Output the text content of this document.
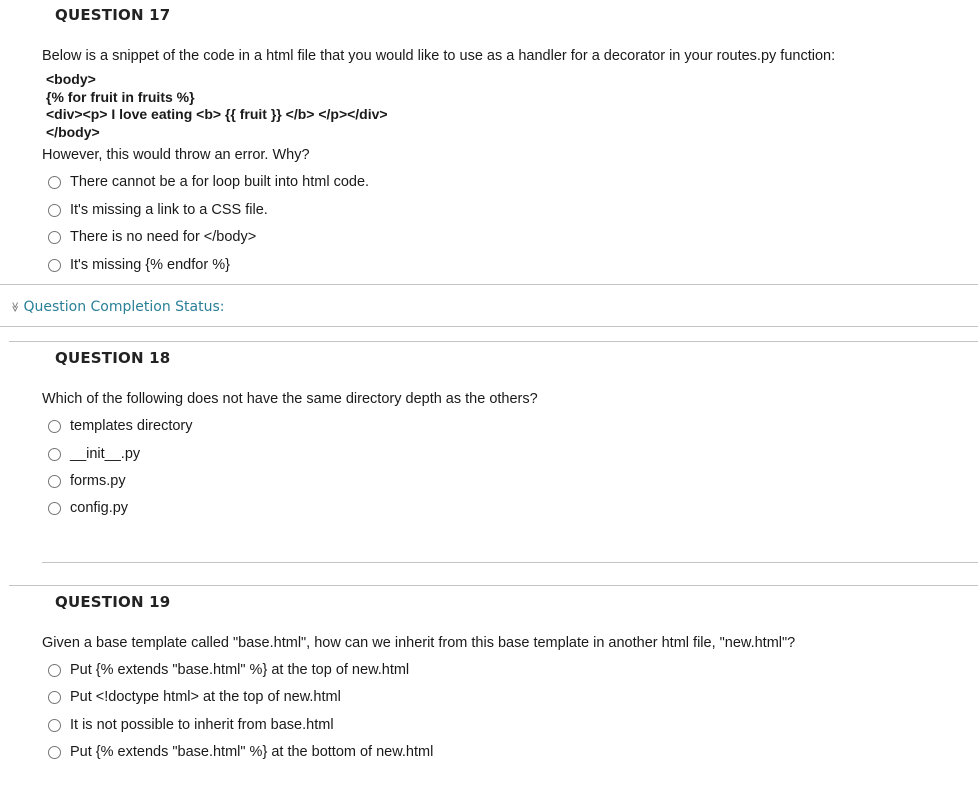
QUESTION 17
Below is a snippet of the code in a html file that you would like to use as a handler for a decorator in your routes.py function:
<body>
{% for fruit in fruits %}
<div><p> I love eating <b> {{ fruit }} </b> </p></div>
</body>
However, this would throw an error. Why?
There cannot be a for loop built into html code.
It's missing a link to a CSS file.
There is no need for </body>
It's missing {% endfor %}
≫ Question Completion Status:
QUESTION 18
Which of the following does not have the same directory depth as the others?
templates directory
__init__.py
forms.py
config.py
QUESTION 19
Given a base template called "base.html", how can we inherit from this base template in another html file, "new.html"?
Put {% extends "base.html" %} at the top of new.html
Put <!doctype html> at the top of new.html
It is not possible to inherit from base.html
Put {% extends "base.html" %} at the bottom of new.html
